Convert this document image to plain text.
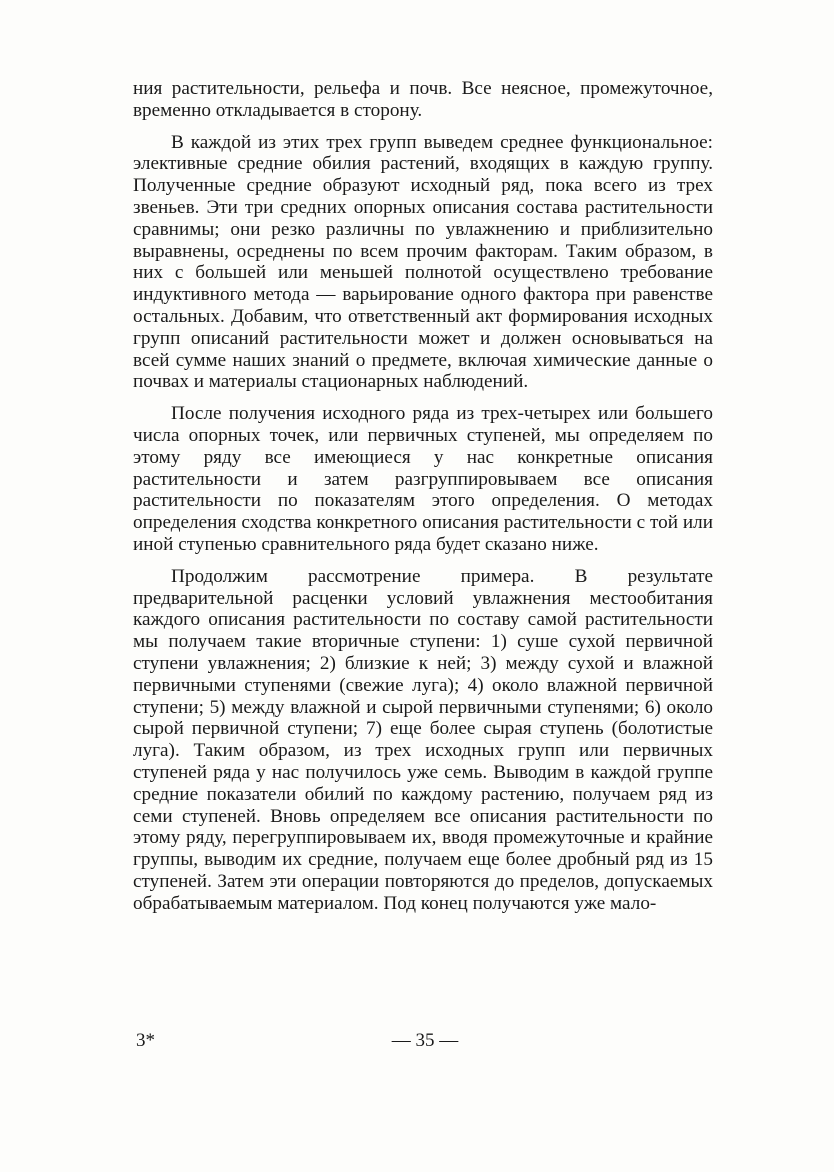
ния растительности, рельефа и почв. Все неясное, промежуточное, временно откладывается в сторону.

В каждой из этих трех групп выведем среднее функциональное: элективные средние обилия растений, входящих в каждую группу. Полученные средние образуют исходный ряд, пока всего из трех звеньев. Эти три средних опорных описания состава растительности сравнимы; они резко различны по увлажнению и приблизительно выравнены, осреднены по всем прочим факторам. Таким образом, в них с большей или меньшей полнотой осуществлено требование индуктивного метода — варьирование одного фактора при равенстве остальных. Добавим, что ответственный акт формирования исходных групп описаний растительности может и должен основываться на всей сумме наших знаний о предмете, включая химические данные о почвах и материалы стационарных наблюдений.

После получения исходного ряда из трех-четырех или большего числа опорных точек, или первичных ступеней, мы определяем по этому ряду все имеющиеся у нас конкретные описания растительности и затем разгруппировываем все описания растительности по показателям этого определения. О методах определения сходства конкретного описания растительности с той или иной ступенью сравнительного ряда будет сказано ниже.

Продолжим рассмотрение примера. В результате предварительной расценки условий увлажнения местообитания каждого описания растительности по составу самой растительности мы получаем такие вторичные ступени: 1) суше сухой первичной ступени увлажнения; 2) близкие к ней; 3) между сухой и влажной первичными ступенями (свежие луга); 4) около влажной первичной ступени; 5) между влажной и сырой первичными ступенями; 6) около сырой первичной ступени; 7) еще более сырая ступень (болотистые луга). Таким образом, из трех исходных групп или первичных ступеней ряда у нас получилось уже семь. Выводим в каждой группе средние показатели обилий по каждому растению, получаем ряд из семи ступеней. Вновь определяем все описания растительности по этому ряду, перегруппировываем их, вводя промежуточные и крайние группы, выводим их средние, получаем еще более дробный ряд из 15 ступеней. Затем эти операции повторяются до пределов, допускаемых обрабатываемым материалом. Под конец получаются уже мало-

3*	— 35 —
